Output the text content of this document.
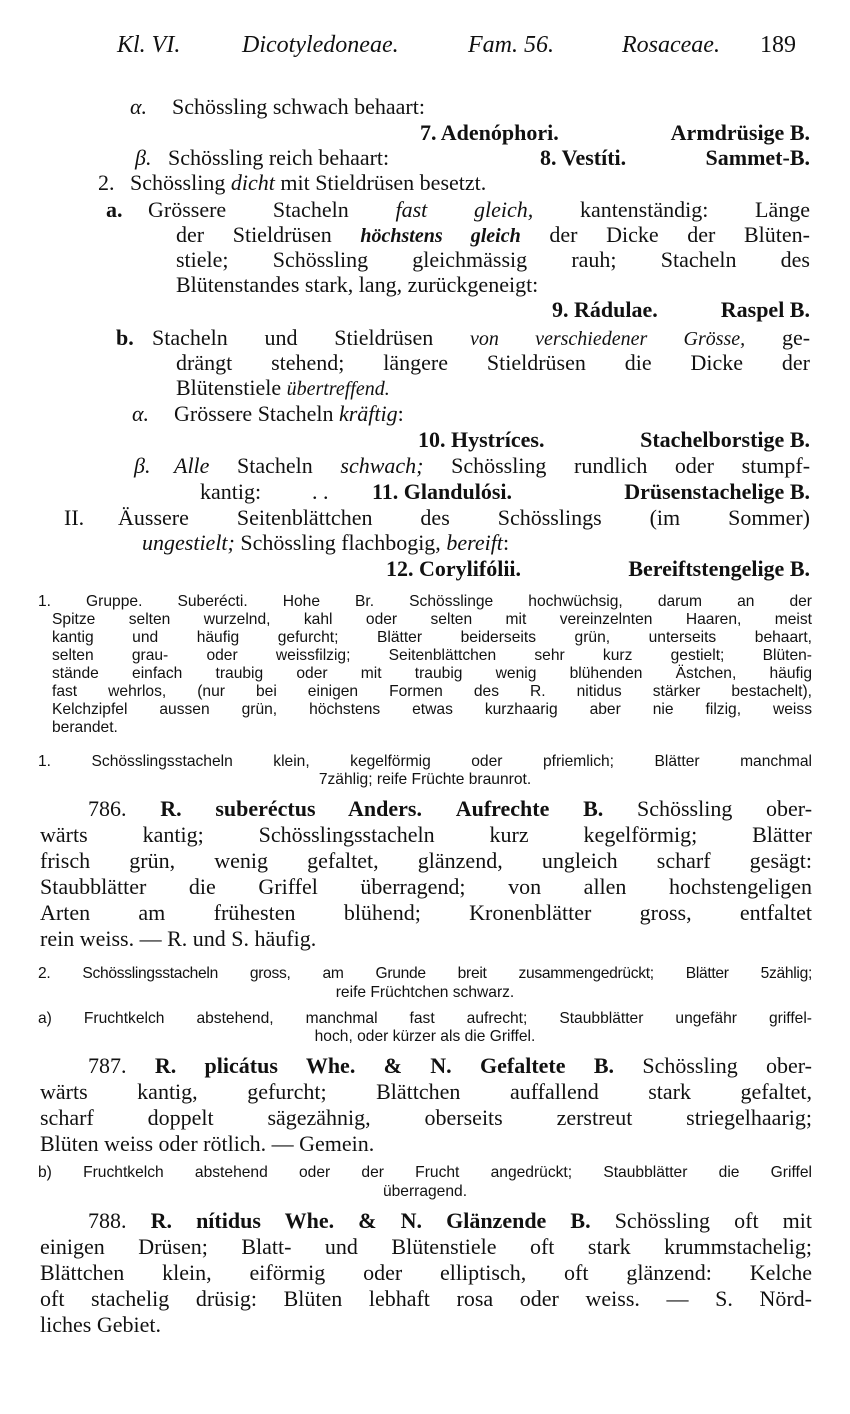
Kl. VI.	Dicotyledoneae.	Fam. 56.	Rosaceae. 189
α. Schössling schwach behaart:
7. Adenóphori.	Armdrüsige B.
β. Schössling reich behaart:	8. Vestíti.	Sammet-B.
2. Schössling dicht mit Stieldrüsen besetzt.
a. Grössere Stacheln fast gleich, kantenständig: Länge
der Stieldrüsen höchstens gleich der Dicke der Blüten-
stiele; Schössling gleichmässig rauh; Stacheln des
Blütenstandes stark, lang, zurückgeneigt:
9. Rádulae.	Raspel B.
b. Stacheln und Stieldrüsen von verschiedener Grösse, ge-
drängt stehend; längere Stieldrüsen die Dicke der
Blütenstiele übertreffend.
α. Grössere Stacheln kräftig:
10. Hystríces.	Stachelborstige B.
β. Alle Stacheln schwach; Schössling rundlich oder stumpf-
kantig: . . 11. Glandulósi.	Drüsenstachelige B.
II. Äussere Seitenblättchen des Schösslings (im Sommer)
ungestielt; Schössling flachbogig, bereift:
12. Corylifólii.	Bereiftstengelige B.
1. Gruppe. Suberécti. Hohe Br. Schösslinge hochwüchsig, darum an der
Spitze selten wurzelnd, kahl oder selten mit vereinzelnten Haaren, meist
kantig und häufig gefurcht; Blätter beiderseits grün, unterseits behaart,
selten grau- oder weissfilzig; Seitenblättchen sehr kurz gestielt; Blüten-
stände einfach traubig oder mit traubig wenig blühenden Ästchen, häufig
fast wehrlos, (nur bei einigen Formen des R. nitidus stärker bestachelt),
Kelchzipfel aussen grün, höchstens etwas kurzhaarig aber nie filzig, weiss
berandet.
1. Schösslingsstacheln klein, kegelförmig oder pfriemlich; Blätter manchmal
7zählig; reife Früchte braunrot.
786. R. suberéctus Anders. Aufrechte B. Schössling ober-
wärts kantig; Schösslingsstacheln kurz kegelförmig; Blätter
frisch grün, wenig gefaltet, glänzend, ungleich scharf gesägt:
Staubblätter die Griffel überragend; von allen hochstengeligen
Arten am frühesten blühend; Kronenblätter gross, entfaltet
rein weiss. — R. und S. häufig.
2. Schösslingsstacheln gross, am Grunde breit zusammengedrückt; Blätter 5zählig;
reife Früchtchen schwarz.
a) Fruchtkelch abstehend, manchmal fast aufrecht; Staubblätter ungefähr griffel-
hoch, oder kürzer als die Griffel.
787. R. plicátus Whe. & N. Gefaltete B. Schössling ober-
wärts kantig, gefurcht; Blättchen auffallend stark gefaltet,
scharf doppelt sägezähnig, oberseits zerstreut striegelhaarig;
Blüten weiss oder rötlich. — Gemein.
b) Fruchtkelch abstehend oder der Frucht angedrückt; Staubblätter die Griffel
überragend.
788. R. nítidus Whe. & N. Glänzende B. Schössling oft mit
einigen Drüsen; Blatt- und Blütenstiele oft stark krummstachelig;
Blättchen klein, eiförmig oder elliptisch, oft glänzend: Kelche
oft stachelig drüsig: Blüten lebhaft rosa oder weiss. — S. Nörd-
liches Gebiet.
